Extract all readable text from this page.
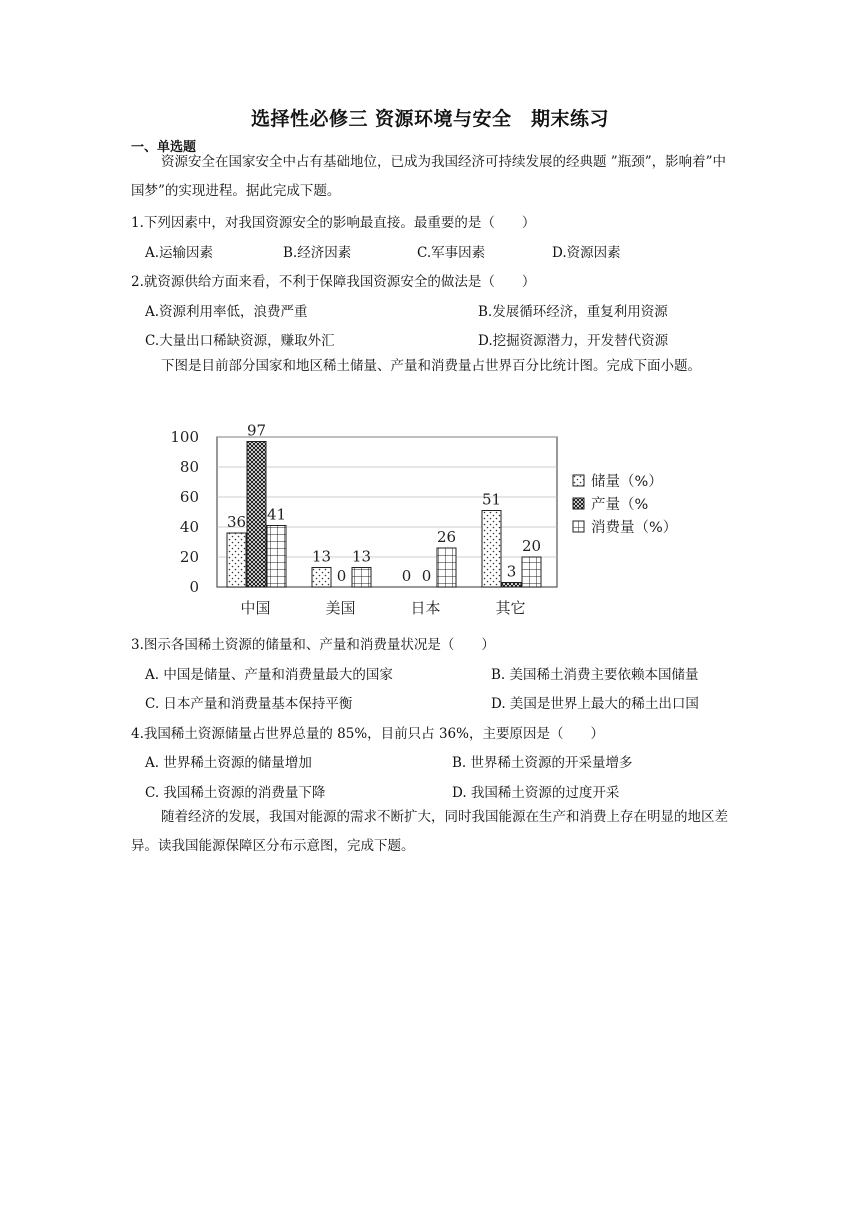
选择性必修三 资源环境与安全　期末练习
一、单选题
资源安全在国家安全中占有基础地位，已成为我国经济可持续发展的经典题 ”瓶颈”，影响着”中国梦”的实现进程。据此完成下题。
1.下列因素中，对我国资源安全的影响最直接。最重要的是（　　）
A.运输因素	B.经济因素	C.军事因素	D.资源因素
2.就资源供给方面来看，不利于保障我国资源安全的做法是（　　）
A.资源利用率低，浪费严重	B.发展循环经济，重复利用资源
C.大量出口稀缺资源，赚取外汇	D.挖掘资源潜力，开发替代资源
下图是目前部分国家和地区稀土储量、产量和消费量占世界百分比统计图。完成下面小题。
0
20
40
60
80
100
36
97
41
13
0
13
0 0
26
51
3
20
中国	美国	日本	其它
储量（%）
产量（%
消费量（%）
3.图示各国稀土资源的储量和、产量和消费量状况是（　　）
A. 中国是储量、产量和消费量最大的国家	B. 美国稀土消费主要依赖本国储量
C. 日本产量和消费量基本保持平衡	D. 美国是世界上最大的稀土出口国
4.我国稀土资源储量占世界总量的 85%，目前只占 36%，主要原因是（　　）
A. 世界稀土资源的储量增加	B. 世界稀土资源的开采量增多
C. 我国稀土资源的消费量下降	D. 我国稀土资源的过度开采
随着经济的发展，我国对能源的需求不断扩大，同时我国能源在生产和消费上存在明显的地区差异。读我国能源保障区分布示意图，完成下题。
